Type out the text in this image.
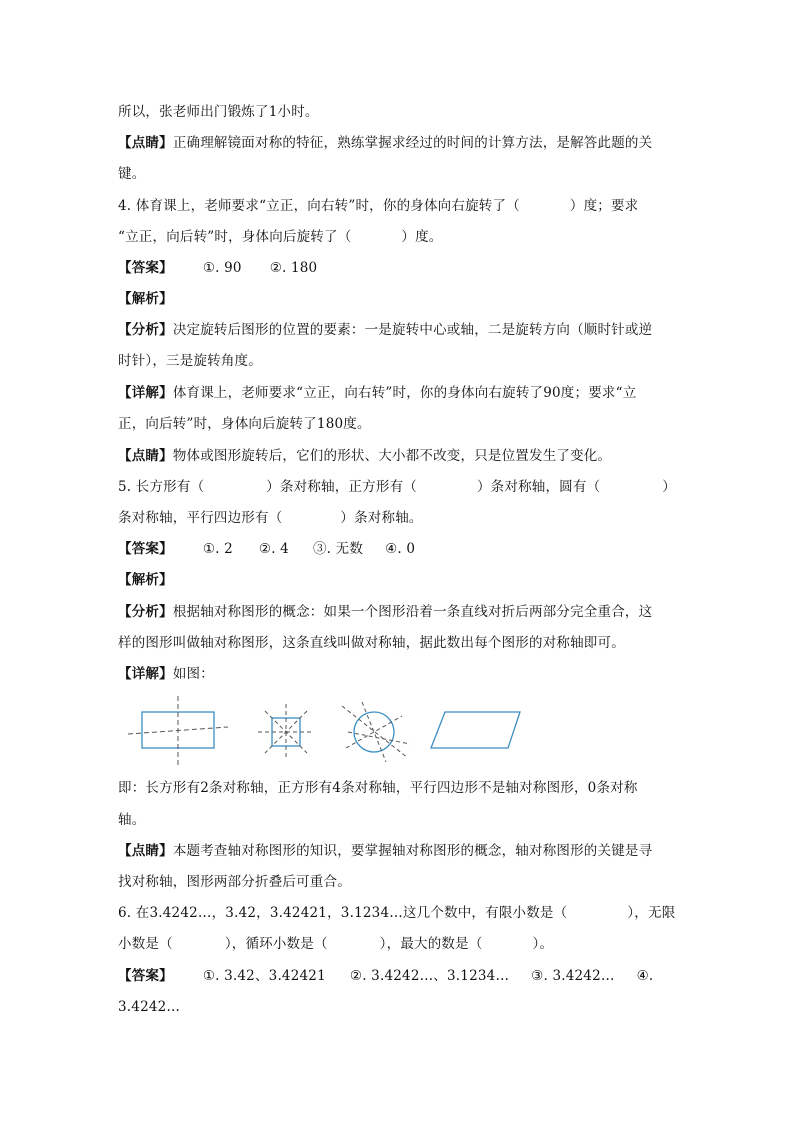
所以，张老师出门锻炼了1小时。
【点睛】正确理解镜面对称的特征，熟练掌握求经过的时间的计算方法，是解答此题的关
键。
4. 体育课上，老师要求“立正，向右转”时，你的身体向右旋转了（	）度；要求
“立正，向后转”时，身体向后旋转了（	）度。
【答案】 ①. 90 ②. 180
【解析】
【分析】决定旋转后图形的位置的要素：一是旋转中心或轴，二是旋转方向（顺时针或逆
时针），三是旋转角度。
【详解】体育课上，老师要求“立正，向右转”时，你的身体向右旋转了90度；要求“立
正，向后转”时，身体向后旋转了180度。
【点睛】物体或图形旋转后，它们的形状、大小都不改变，只是位置发生了变化。
5. 长方形有（	）条对称轴，正方形有（	）条对称轴，圆有（	）
条对称轴，平行四边形有（	）条对称轴。
【答案】 ①. 2 ②. 4 ③. 无数 ④. 0
【解析】
【分析】根据轴对称图形的概念：如果一个图形沿着一条直线对折后两部分完全重合，这
样的图形叫做轴对称图形，这条直线叫做对称轴，据此数出每个图形的对称轴即可。
【详解】如图：
即：长方形有2条对称轴，正方形有4条对称轴，平行四边形不是轴对称图形，0条对称
轴。
【点睛】本题考查轴对称图形的知识，要掌握轴对称图形的概念，轴对称图形的关键是寻
找对称轴，图形两部分折叠后可重合。
6. 在3.4242…，3.42，3.42421，3.1234…这几个数中，有限小数是（	），无限
小数是（	），循环小数是（	），最大的数是（	）。
【答案】 ①. 3.42、3.42421 ②. 3.4242…、3.1234… ③. 3.4242… ④.
3.4242…
